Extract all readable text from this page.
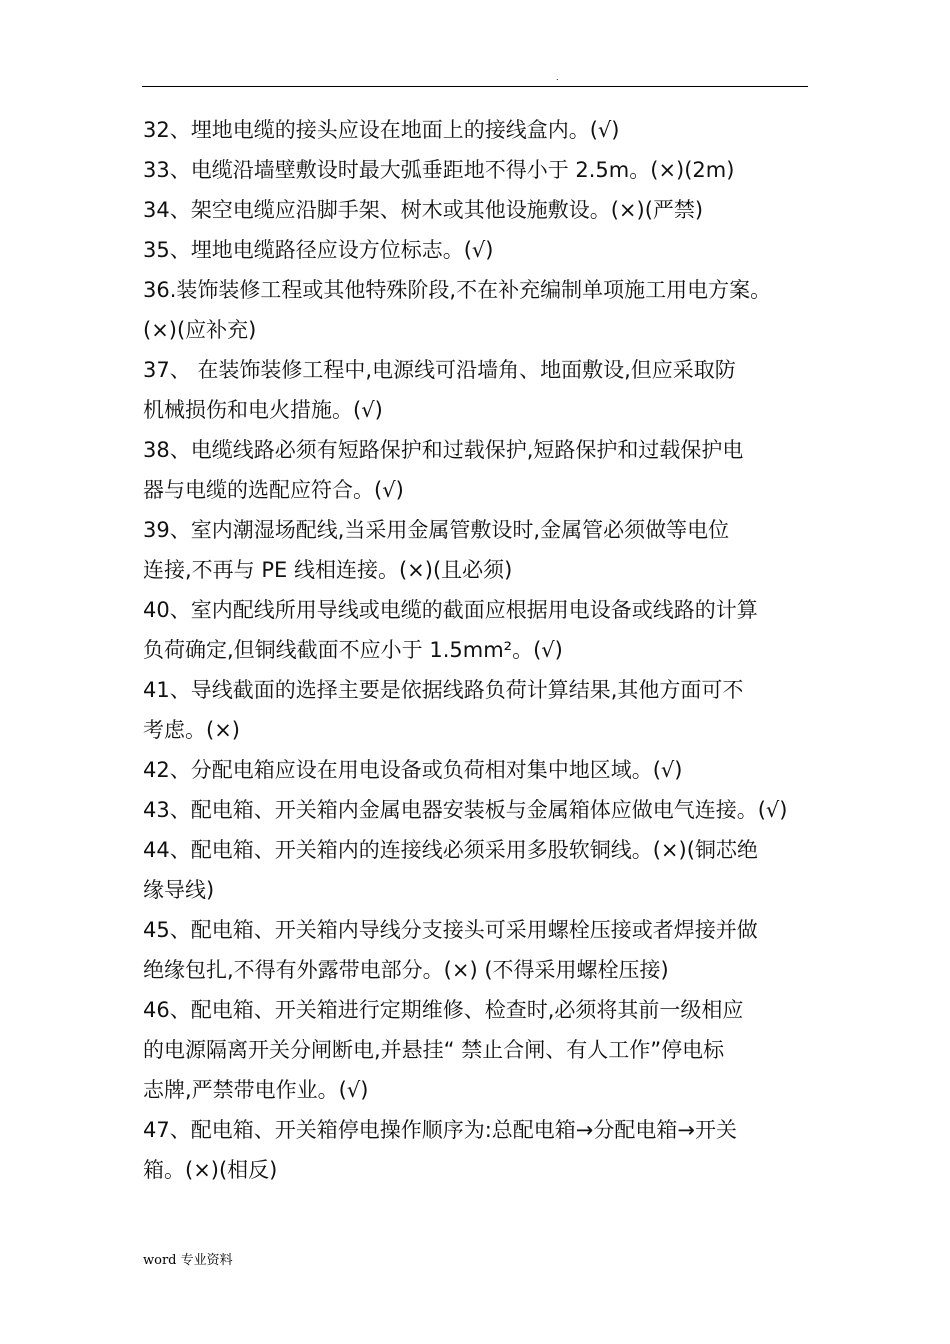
.
32、埋地电缆的接头应设在地面上的接线盒内。(√)
33、电缆沿墙壁敷设时最大弧垂距地不得小于 2.5m。(×)(2m)
34、架空电缆应沿脚手架、树木或其他设施敷设。(×)(严禁)
35、埋地电缆路径应设方位标志。(√)
36.装饰装修工程或其他特殊阶段,不在补充编制单项施工用电方案。
(×)(应补充)
37、 在装饰装修工程中,电源线可沿墙角、地面敷设,但应采取防
机械损伤和电火措施。(√)
38、电缆线路必须有短路保护和过载保护,短路保护和过载保护电
器与电缆的选配应符合。(√)
39、室内潮湿场配线,当采用金属管敷设时,金属管必须做等电位
连接,不再与 PE 线相连接。(×)(且必须)
40、室内配线所用导线或电缆的截面应根据用电设备或线路的计算
负荷确定,但铜线截面不应小于 1.5mm²。(√)
41、导线截面的选择主要是依据线路负荷计算结果,其他方面可不
考虑。(×)
42、分配电箱应设在用电设备或负荷相对集中地区域。(√)
43、配电箱、开关箱内金属电器安装板与金属箱体应做电气连接。(√)
44、配电箱、开关箱内的连接线必须采用多股软铜线。(×)(铜芯绝
缘导线)
45、配电箱、开关箱内导线分支接头可采用螺栓压接或者焊接并做
绝缘包扎,不得有外露带电部分。(×) (不得采用螺栓压接)
46、配电箱、开关箱进行定期维修、检查时,必须将其前一级相应
的电源隔离开关分闸断电,并悬挂“ 禁止合闸、有人工作”停电标
志牌,严禁带电作业。(√)
47、配电箱、开关箱停电操作顺序为:总配电箱→分配电箱→开关
箱。(×)(相反)
word 专业资料
